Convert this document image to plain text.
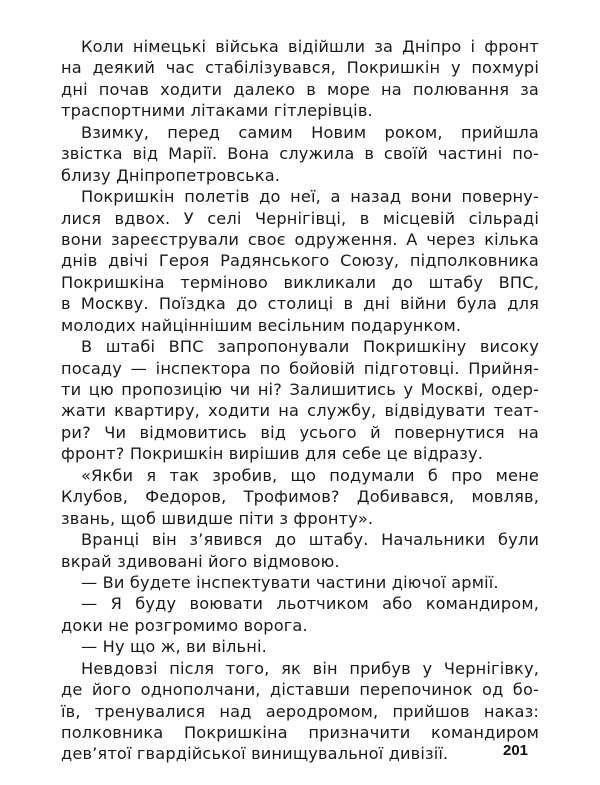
Коли німецькі війська відійшли за Дніпро і фронт
на деякий час стабілізувався, Покришкін у похмурі
дні почав ходити далеко в море на полювання за
траспортними літаками гітлерівців.
Взимку, перед самим Новим роком, прийшла
звістка від Марії. Вона служила в своїй частині по-
близу Дніпропетровська.
Покришкін полетів до неї, а назад вони поверну-
лися вдвох. У селі Чернігівці, в місцевій сільраді
вони зареєстрували своє одруження. А через кілька
днів двічі Героя Радянського Союзу, підполковника
Покришкіна терміново викликали до штабу ВПС,
в Москву. Поїздка до столиці в дні війни була для
молодих найціннішим весільним подарунком.
В штабі ВПС запропонували Покришкіну високу
посаду — інспектора по бойовій підготовці. Прийня-
ти цю пропозицію чи ні? Залишитись у Москві, одер-
жати квартиру, ходити на службу, відвідувати теат-
ри? Чи відмовитись від усього й повернутися на
фронт? Покришкін вирішив для себе це відразу.
«Якби я так зробив, що подумали б про мене
Клубов, Федоров, Трофимов? Добивався, мовляв,
звань, щоб швидше піти з фронту».
Вранці він з’явився до штабу. Начальники були
вкрай здивовані його відмовою.
— Ви будете інспектувати частини діючої армії.
— Я буду воювати льотчиком або командиром,
доки не розгромимо ворога.
— Ну що ж, ви вільні.
Невдовзі після того, як він прибув у Чернігівку,
де його однополчани, діставши перепочинок од бо-
їв, тренувалися над аеродромом, прийшов наказ:
полковника Покришкіна призначити командиром
дев’ятої гвардійської винищувальної дивізії.	201
